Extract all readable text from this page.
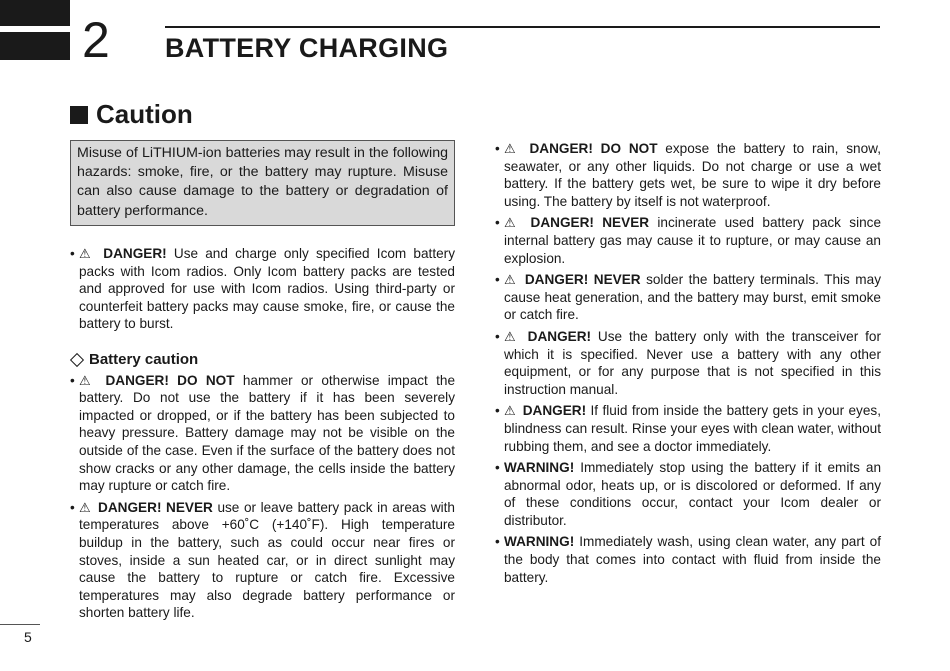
2 BATTERY CHARGING
Caution
Misuse of LiTHIUM-ion batteries may result in the following hazards: smoke, fire, or the battery may rupture. Misuse can also cause damage to the battery or degradation of battery performance.
• ⚠ DANGER! Use and charge only specified Icom battery packs with Icom radios. Only Icom battery packs are tested and approved for use with Icom radios. Using third-party or counterfeit battery packs may cause smoke, fire, or cause the battery to burst.
Battery caution
• ⚠ DANGER! DO NOT hammer or otherwise impact the battery. Do not use the battery if it has been severely impacted or dropped, or if the battery has been subjected to heavy pressure. Battery damage may not be visible on the outside of the case. Even if the surface of the battery does not show cracks or any other damage, the cells inside the battery may rupture or catch fire.
• ⚠ DANGER! NEVER use or leave battery pack in areas with temperatures above +60˚C (+140˚F). High temperature buildup in the battery, such as could occur near fires or stoves, inside a sun heated car, or in direct sunlight may cause the battery to rupture or catch fire. Excessive temperatures may also degrade battery performance or shorten battery life.
• ⚠ DANGER! DO NOT expose the battery to rain, snow, seawater, or any other liquids. Do not charge or use a wet battery. If the battery gets wet, be sure to wipe it dry before using. The battery by itself is not waterproof.
• ⚠ DANGER! NEVER incinerate used battery pack since internal battery gas may cause it to rupture, or may cause an explosion.
• ⚠ DANGER! NEVER solder the battery terminals. This may cause heat generation, and the battery may burst, emit smoke or catch fire.
• ⚠ DANGER! Use the battery only with the transceiver for which it is specified. Never use a battery with any other equipment, or for any purpose that is not specified in this instruction manual.
• ⚠ DANGER! If fluid from inside the battery gets in your eyes, blindness can result. Rinse your eyes with clean water, without rubbing them, and see a doctor immediately.
• WARNING! Immediately stop using the battery if it emits an abnormal odor, heats up, or is discolored or deformed. If any of these conditions occur, contact your Icom dealer or distributor.
• WARNING! Immediately wash, using clean water, any part of the body that comes into contact with fluid from inside the battery.
5
